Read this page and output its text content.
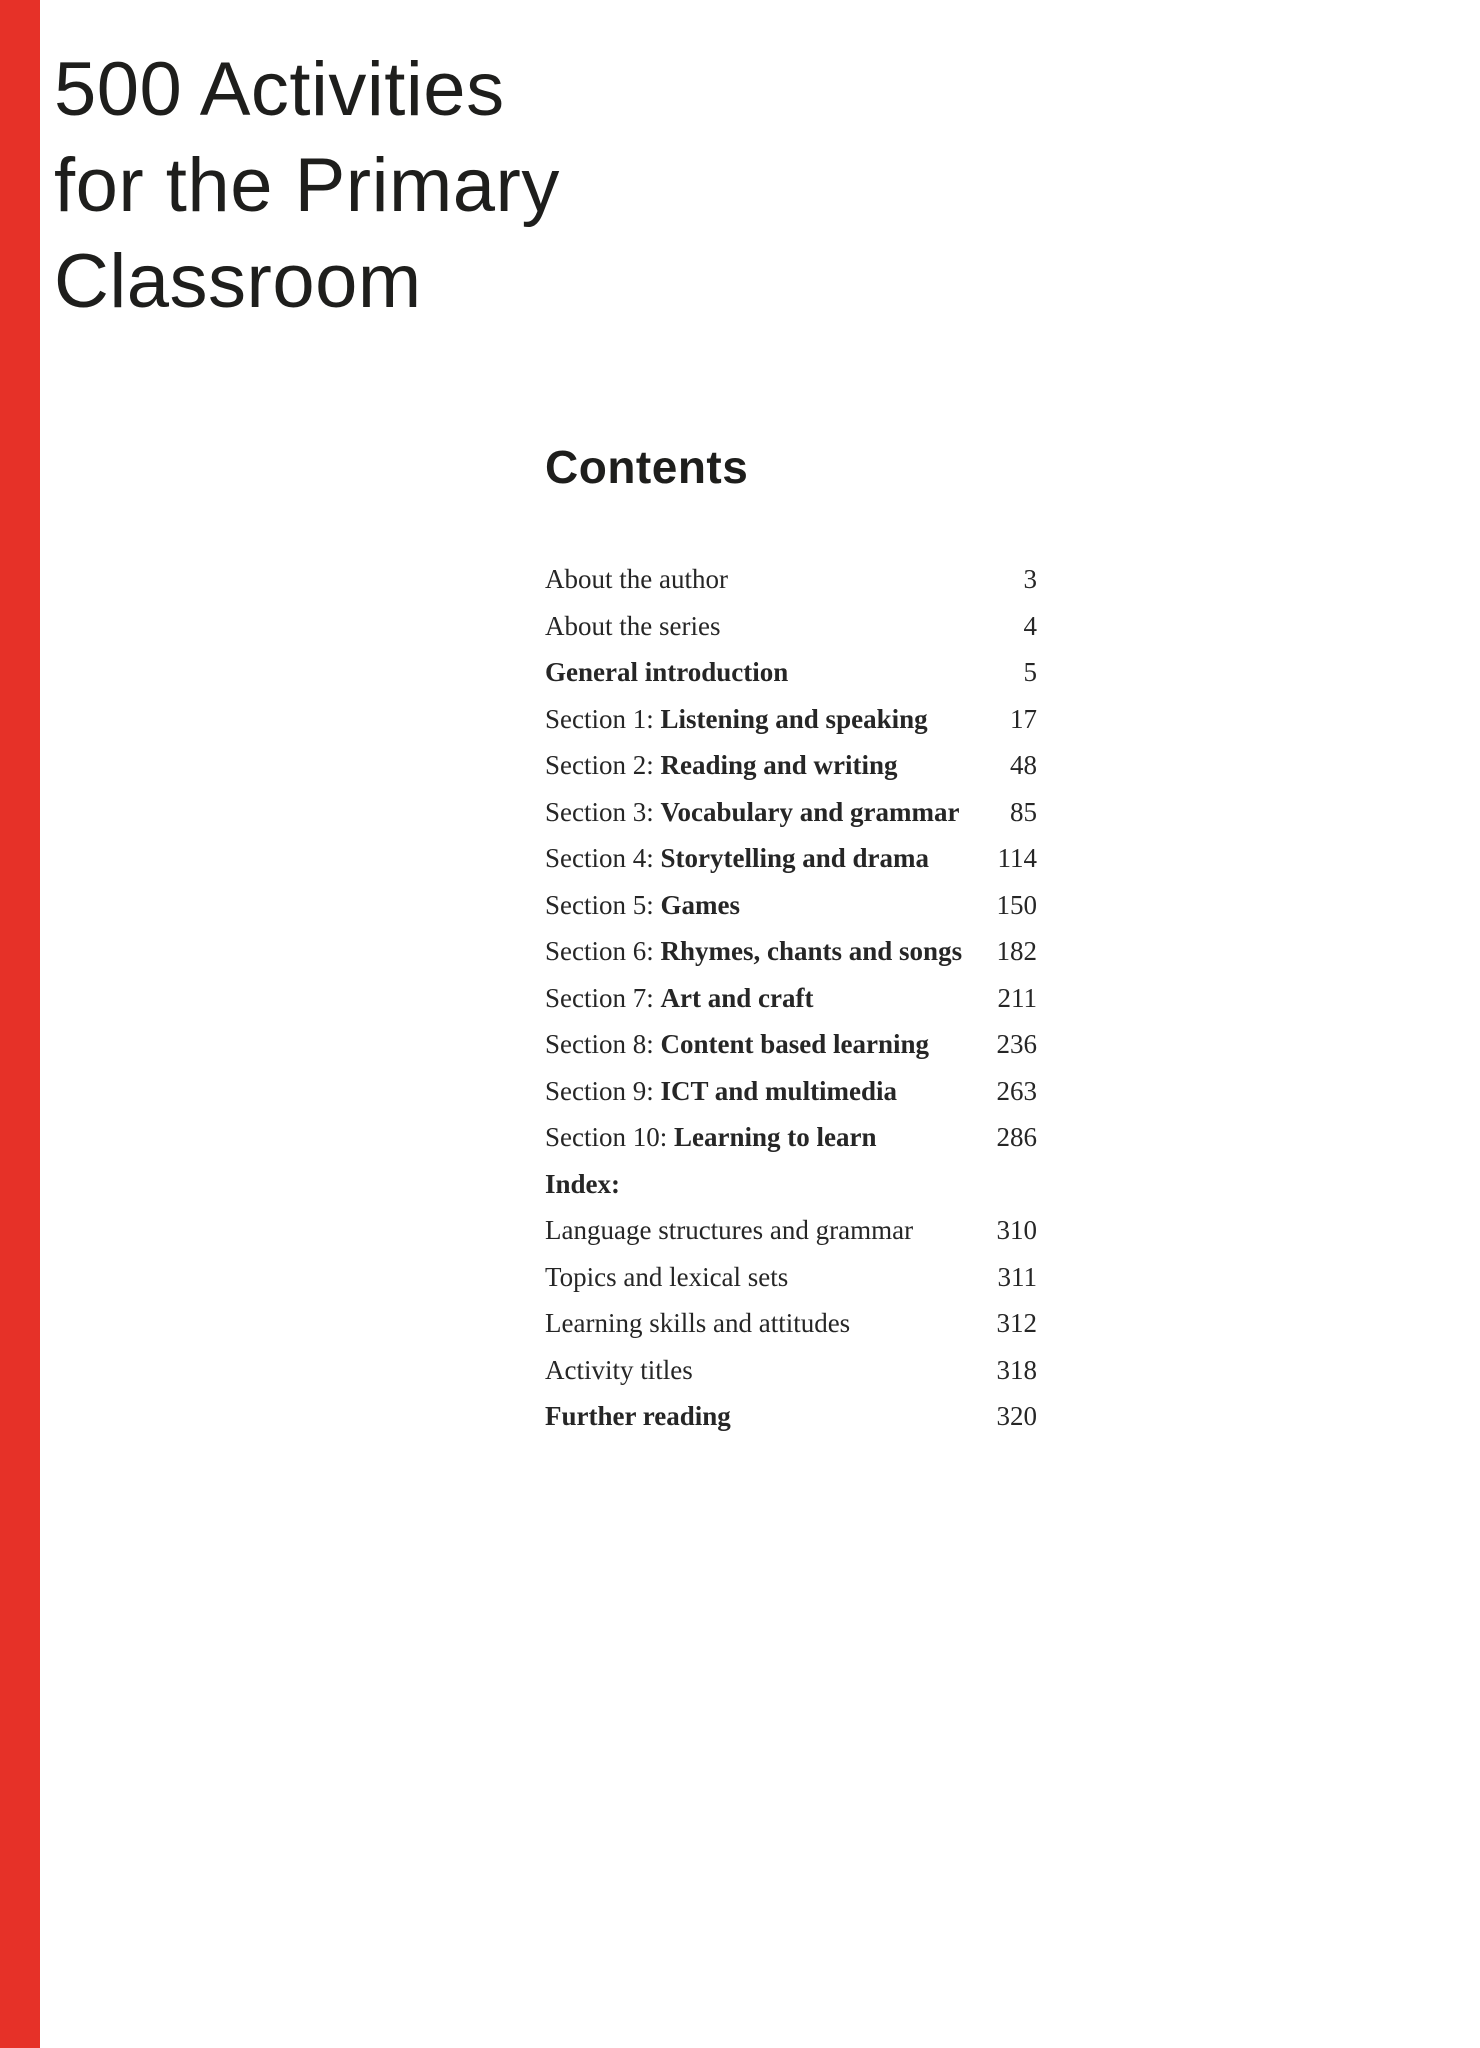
500 Activities
for the Primary
Classroom
Contents
About the author	3
About the series	4
General introduction	5
Section 1: Listening and speaking	17
Section 2: Reading and writing	48
Section 3: Vocabulary and grammar	85
Section 4: Storytelling and drama	114
Section 5: Games	150
Section 6: Rhymes, chants and songs	182
Section 7: Art and craft	211
Section 8: Content based learning	236
Section 9: ICT and multimedia	263
Section 10: Learning to learn	286
Index:
Language structures and grammar	310
Topics and lexical sets	311
Learning skills and attitudes	312
Activity titles	318
Further reading	320
